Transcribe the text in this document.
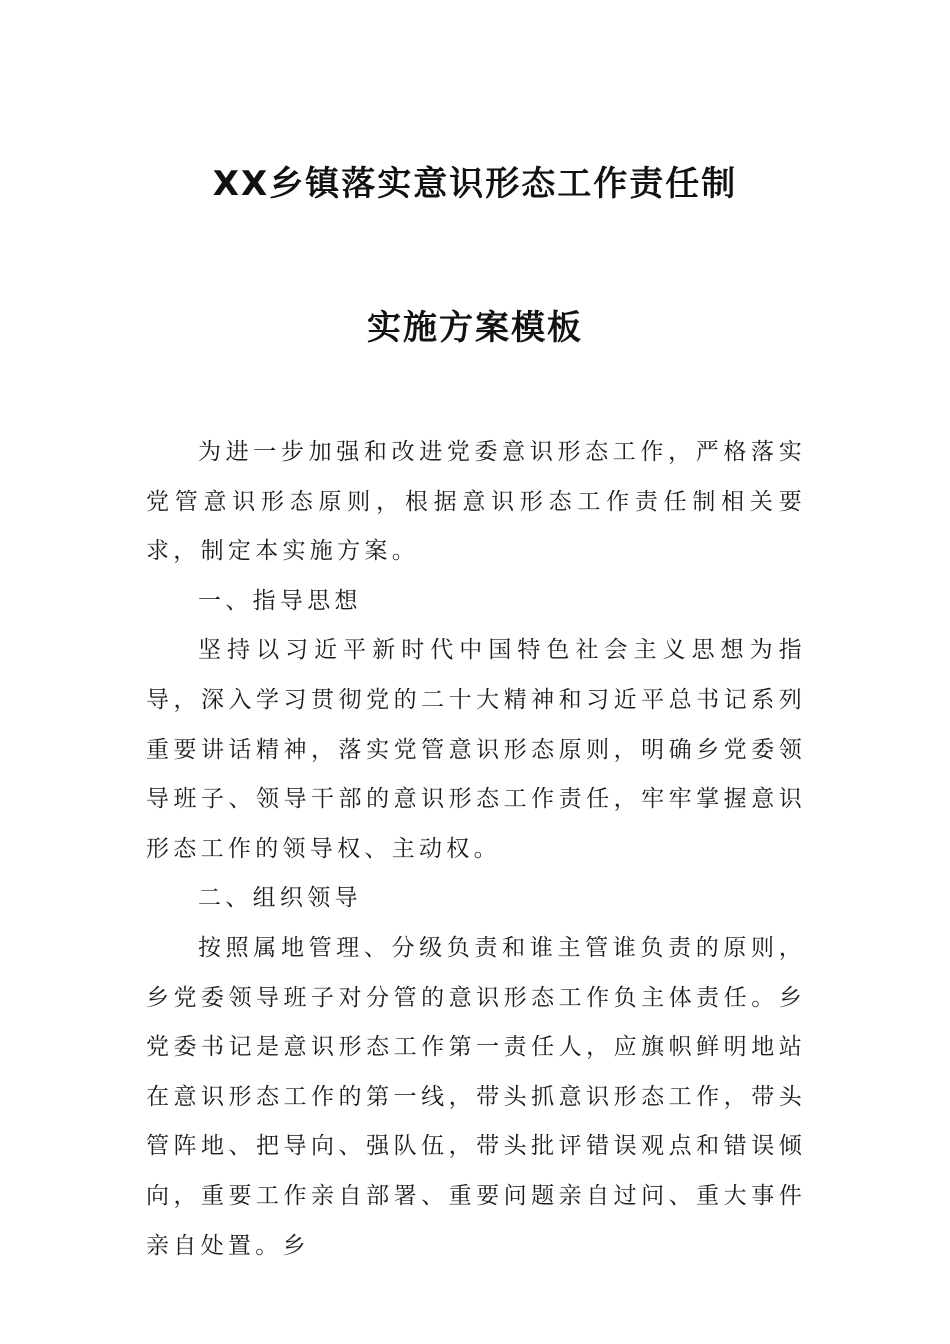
XX乡镇落实意识形态工作责任制
实施方案模板

为进一步加强和改进党委意识形态工作，严格落实党管意识形态原则，根据意识形态工作责任制相关要求，制定本实施方案。

一、指导思想

坚持以习近平新时代中国特色社会主义思想为指导，深入学习贯彻党的二十大精神和习近平总书记系列重要讲话精神，落实党管意识形态原则，明确乡党委领导班子、领导干部的意识形态工作责任，牢牢掌握意识形态工作的领导权、主动权。

二、组织领导

按照属地管理、分级负责和谁主管谁负责的原则，乡党委领导班子对分管的意识形态工作负主体责任。乡党委书记是意识形态工作第一责任人，应旗帜鲜明地站在意识形态工作的第一线，带头抓意识形态工作，带头管阵地、把导向、强队伍，带头批评错误观点和错误倾向，重要工作亲自部署、重要问题亲自过问、重大事件亲自处置。乡
